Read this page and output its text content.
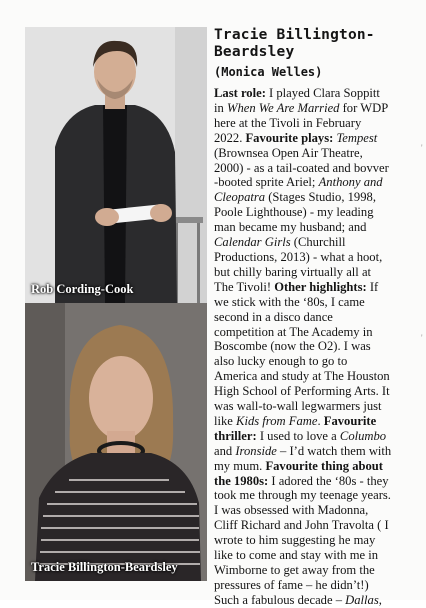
Rob Cording-Cook
Tracie Billington-Beardsley
Tracie Billington-
Beardsley
(Monica Welles)
Last role: I played Clara Soppitt
in When We Are Married for WDP
here at the Tivoli in February
2022. Favourite plays: Tempest
(Brownsea Open Air Theatre,
2000) - as a tail-coated and bovver
-booted sprite Ariel; Anthony and
Cleopatra (Stages Studio, 1998,
Poole Lighthouse) - my leading
man became my husband; and
Calendar Girls (Churchill
Productions, 2013) - what a hoot,
but chilly baring virtually all at
The Tivoli! Other highlights: If
we stick with the ‘80s, I came
second in a disco dance
competition at The Academy in
Boscombe (now the O2). I was
also lucky enough to go to
America and study at The Houston
High School of Performing Arts. It
was wall-to-wall legwarmers just
like Kids from Fame. Favourite
thriller: I used to love a Columbo
and Ironside – I’d watch them with
my mum. Favourite thing about
the 1980s: I adored the ‘80s - they
took me through my teenage years.
I was obsessed with Madonna,
Cliff Richard and John Travolta ( I
wrote to him suggesting he may
like to come and stay with me in
Wimborne to get away from the
pressures of fame – he didn’t!)
Such a fabulous decade – Dallas,
'
'
